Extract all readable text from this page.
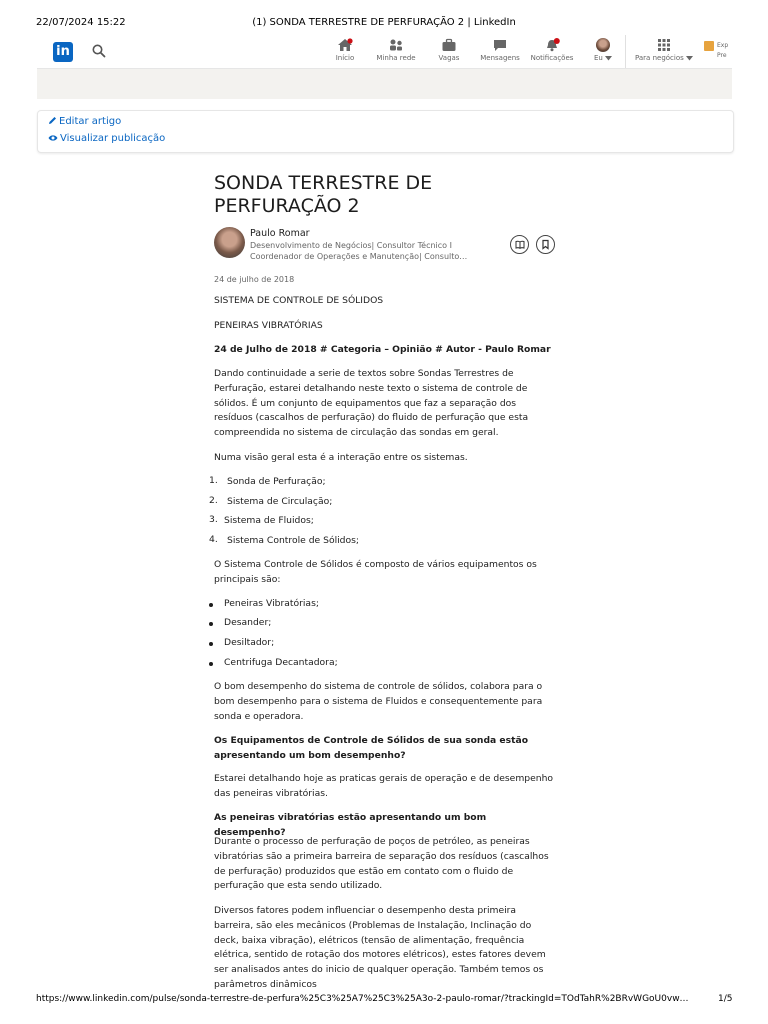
22/07/2024 15:22	(1) SONDA TERRESTRE DE PERFURAÇÃO 2 | LinkedIn
in	Início	Minha rede	Vagas	Mensagens	Notificações
1
Eu	Para negócios
Exp
Pre
Editar artigo
Visualizar publicação
SONDA TERRESTRE DE PERFURAÇÃO 2
Paulo Romar
Desenvolvimento de Negócios| Consultor Técnico I Coordenador de Operações e Manutenção| Consulto…
24 de julho de 2018
SISTEMA DE CONTROLE DE SÓLIDOS
PENEIRAS VIBRATÓRIAS
24 de Julho de 2018 # Categoria – Opinião # Autor - Paulo Romar
Dando continuidade a serie de textos sobre Sondas Terrestres de Perfuração, estarei detalhando neste texto o sistema de controle de sólidos. É um conjunto de equipamentos que faz a separação dos resíduos (cascalhos de perfuração) do fluido de perfuração que esta compreendida no sistema de circulação das sondas em geral.
Numa visão geral esta é a interação entre os sistemas.
1. Sonda de Perfuração;
2. Sistema de Circulação;
3. Sistema de Fluidos;
4. Sistema Controle de Sólidos;
O Sistema Controle de Sólidos é composto de vários equipamentos os principais são:
Peneiras Vibratórias;
Desander;
Desiltador;
Centrifuga Decantadora;
O bom desempenho do sistema de controle de sólidos, colabora para o bom desempenho para o sistema de Fluidos e consequentemente para sonda e operadora.
Os Equipamentos de Controle de Sólidos de sua sonda estão apresentando um bom desempenho?
Estarei detalhando hoje as praticas gerais de operação e de desempenho das peneiras vibratórias.
As peneiras vibratórias estão apresentando um bom desempenho?
Durante o processo de perfuração de poços de petróleo, as peneiras vibratórias são a primeira barreira de separação dos resíduos (cascalhos de perfuração) produzidos que estão em contato com o fluido de perfuração que esta sendo utilizado.
Diversos fatores podem influenciar o desempenho desta primeira barreira, são eles mecânicos (Problemas de Instalação, Inclinação do deck, baixa vibração), elétricos (tensão de alimentação, frequência elétrica, sentido de rotação dos motores elétricos), estes fatores devem ser analisados antes do inicio de qualquer operação. Também temos os parâmetros dinâmicos
https://www.linkedin.com/pulse/sonda-terrestre-de-perfura%25C3%25A7%25C3%25A3o-2-paulo-romar/?trackingId=TOdTahR%2BRvWGoU0vw…	1/5
